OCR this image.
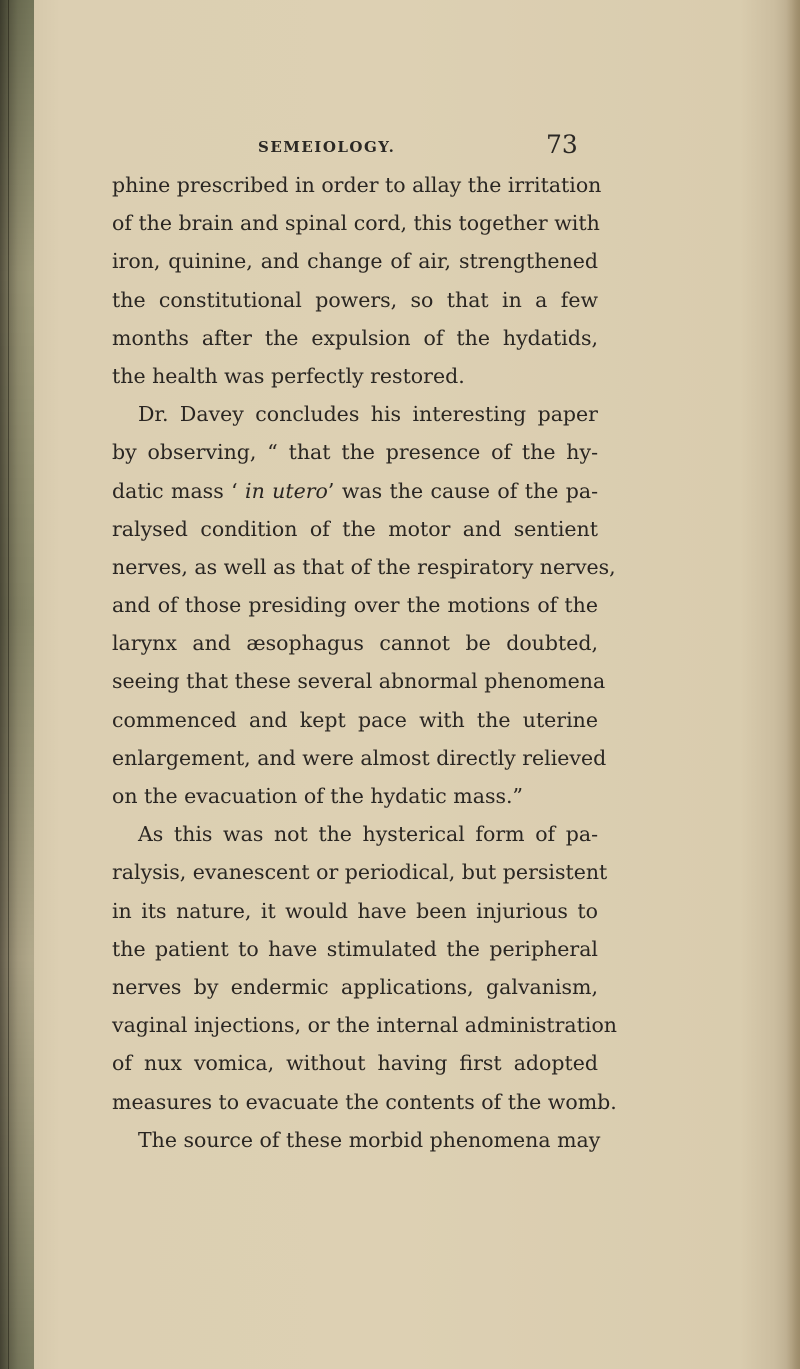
SEMEIOLOGY.	73
phine prescribed in order to allay the irritation
of the brain and spinal cord, this together with
iron, quinine, and change of air, strengthened
the constitutional powers, so that in a few
months after the expulsion of the hydatids,
the health was perfectly restored.
Dr. Davey concludes his interesting paper
by observing, “ that the presence of the hy-
datic mass ‘ in utero’ was the cause of the pa-
ralysed condition of the motor and sentient
nerves, as well as that of the respiratory nerves,
and of those presiding over the motions of the
larynx and æsophagus cannot be doubted,
seeing that these several abnormal phenomena
commenced and kept pace with the uterine
enlargement, and were almost directly relieved
on the evacuation of the hydatic mass.”
As this was not the hysterical form of pa-
ralysis, evanescent or periodical, but persistent
in its nature, it would have been injurious to
the patient to have stimulated the peripheral
nerves by endermic applications, galvanism,
vaginal injections, or the internal administration
of nux vomica, without having first adopted
measures to evacuate the contents of the womb.
The source of these morbid phenomena may
